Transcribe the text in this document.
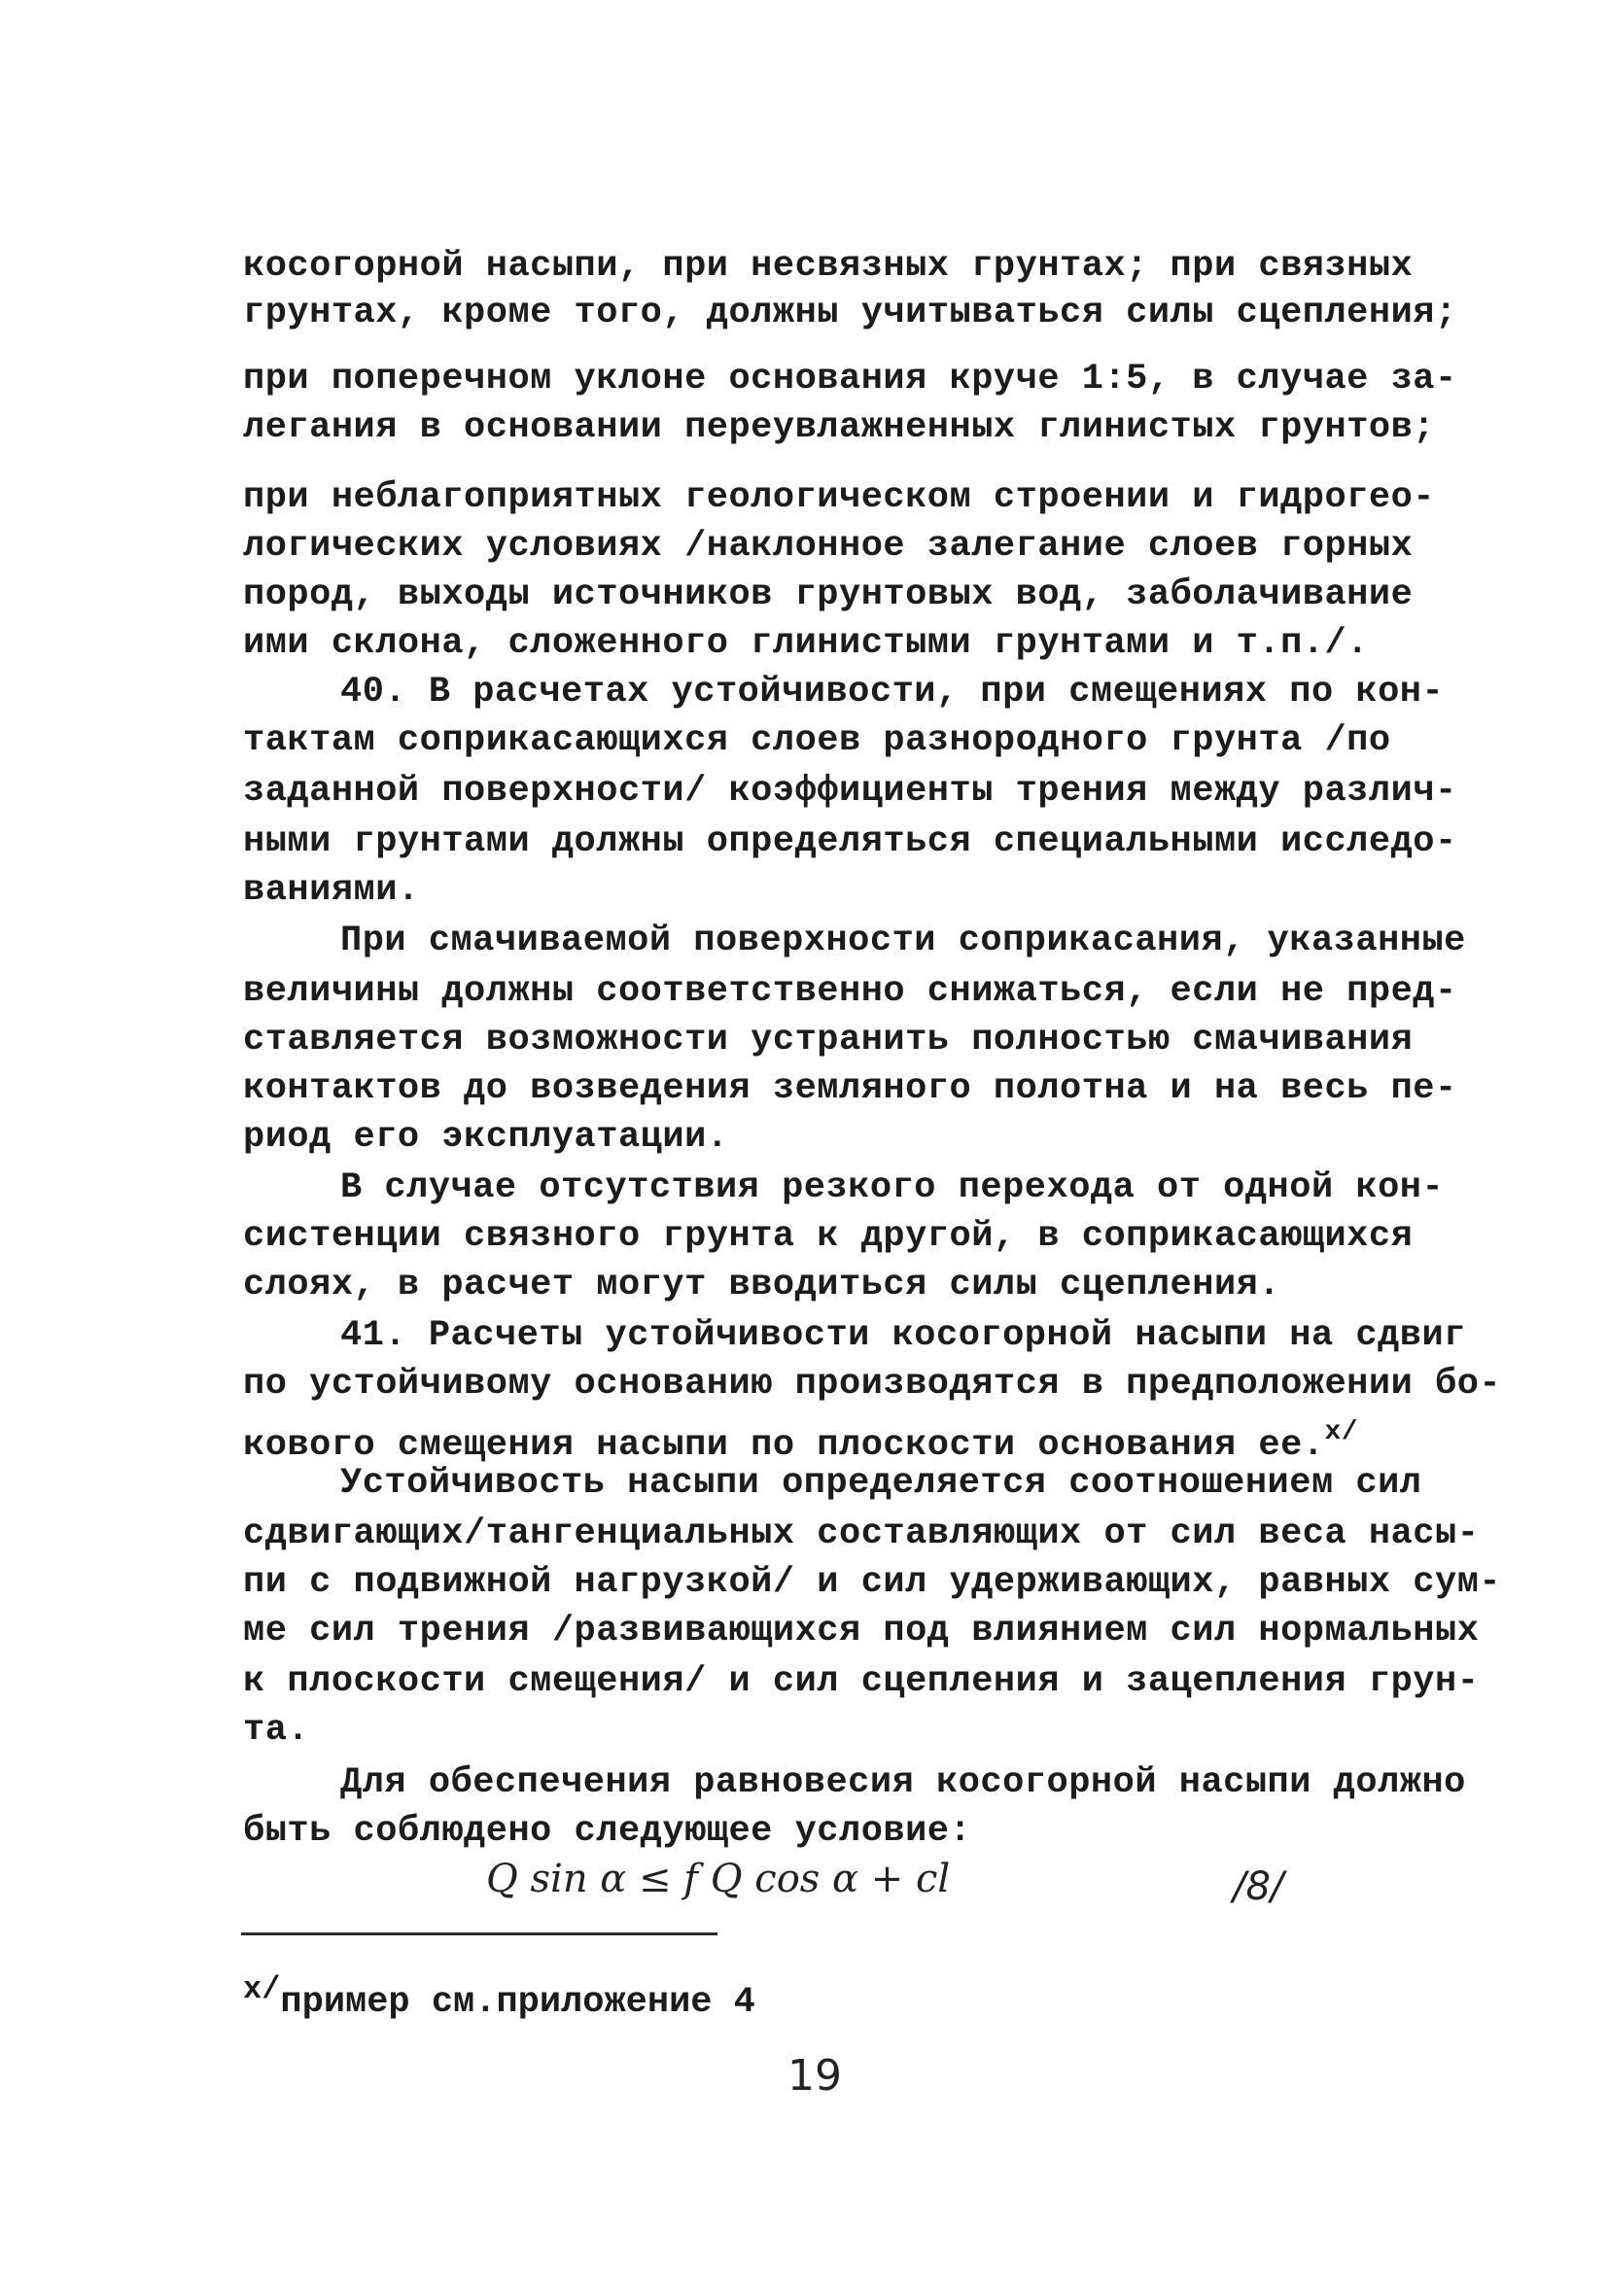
косогорной насыпи, при несвязных грунтах; при связных
грунтах, кроме того, должны учитываться силы сцепления;
при поперечном уклоне основания круче 1:5, в случае за-
легания в основании переувлажненных глинистых грунтов;
при неблагоприятных геологическом строении и гидрогео-
логических условиях /наклонное залегание слоев горных
пород, выходы источников грунтовых вод, заболачивание
ими склона, сложенного глинистыми грунтами и т.п./.
40. В расчетах устойчивости, при смещениях по кон-
тактам соприкасающихся слоев разнородного грунта /по
заданной поверхности/ коэффициенты трения между различ-
ными грунтами должны определяться специальными исследо-
ваниями.
При смачиваемой поверхности соприкасания, указанные
величины должны соответственно снижаться, если не пред-
ставляется возможности устранить полностью смачивания
контактов до возведения земляного полотна и на весь пе-
риод его эксплуатации.
В случае отсутствия резкого перехода от одной кон-
систенции связного грунта к другой, в соприкасающихся
слоях, в расчет могут вводиться силы сцепления.
41. Расчеты устойчивости косогорной насыпи на сдвиг
по устойчивому основанию производятся в предположении бо-
кового смещения насыпи по плоскости основания ее.$^{x/}$
Устойчивость насыпи определяется соотношением сил
сдвигающих/тангенциальных составляющих от сил веса насы-
пи с подвижной нагрузкой/ и сил удерживающих, равных сум-
ме сил трения /развивающихся под влиянием сил нормальных
к плоскости смещения/ и сил сцепления и зацепления грун-
та.
Для обеспечения равновесия косогорной насыпи должно
быть соблюдено следующее условие:
Q sin α ≤ f Q cos α + cl	/8/
$^{x/}$пример см.приложение 4
19
